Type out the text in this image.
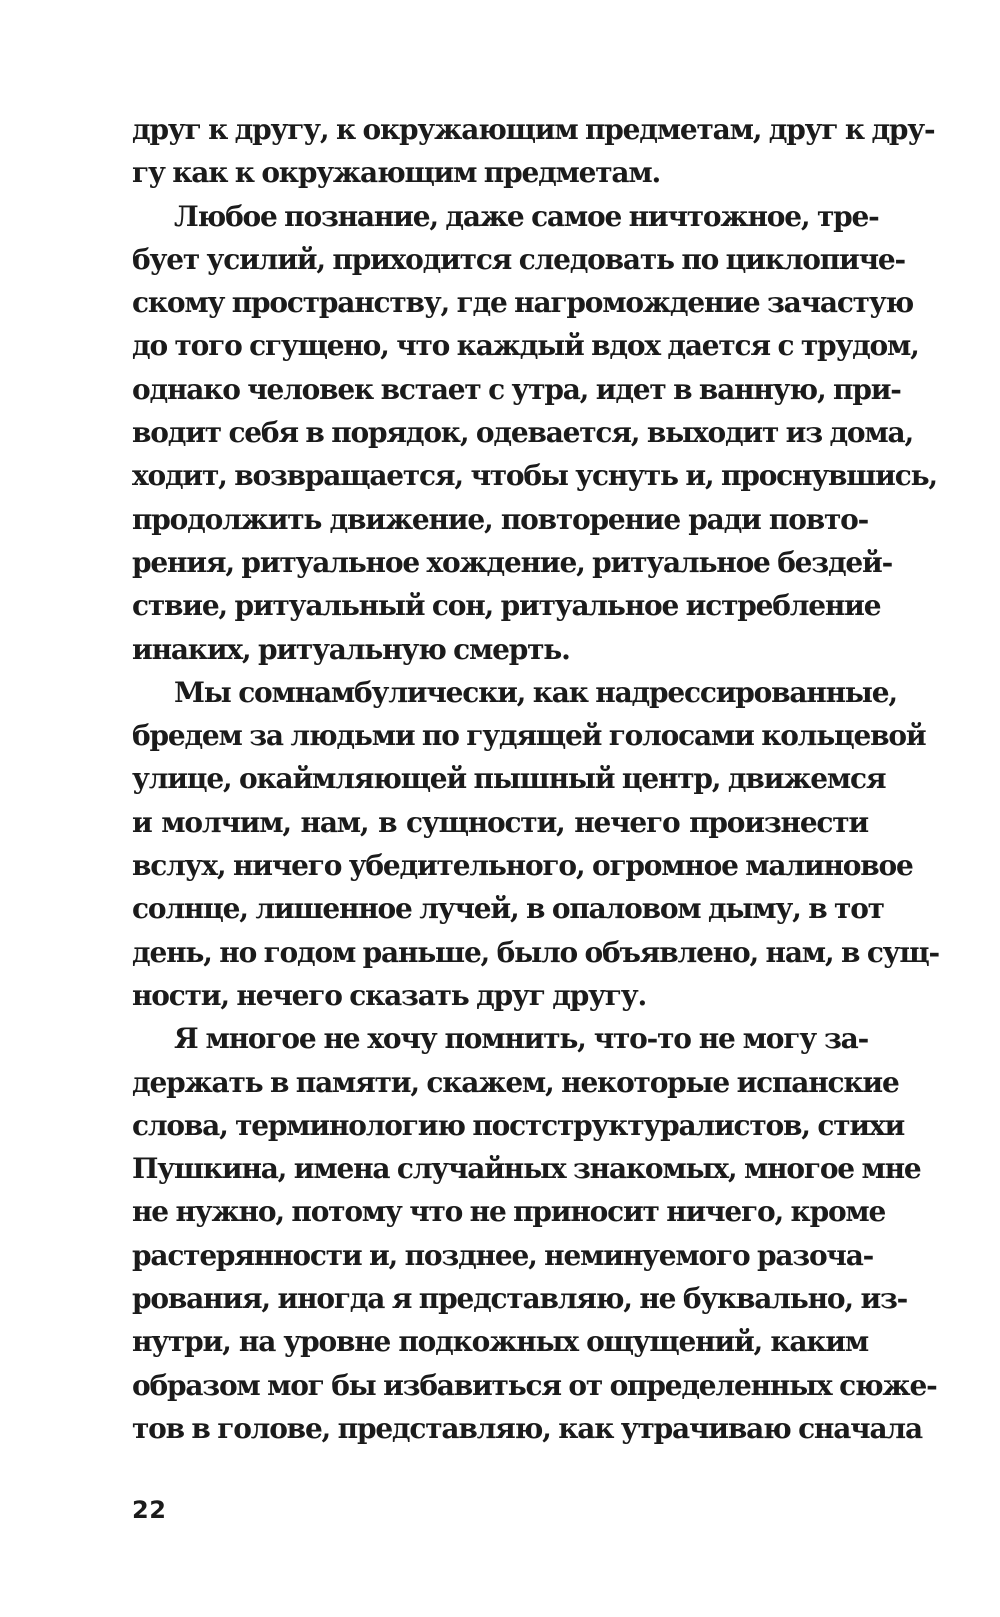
друг к другу, к окружающим предметам, друг к дру-
гу как к окружающим предметам.
Любое познание, даже самое ничтожное, тре-
бует усилий, приходится следовать по циклопиче-
скому пространству, где нагромождение зачастую
до того сгущено, что каждый вдох дается с трудом,
однако человек встает с утра, идет в ванную, при-
водит себя в порядок, одевается, выходит из дома,
ходит, возвращается, чтобы уснуть и, проснувшись,
продолжить движение, повторение ради повто-
рения, ритуальное хождение, ритуальное бездей-
ствие, ритуальный сон, ритуальное истребление
инаких, ритуальную смерть.
Мы сомнамбулически, как надрессированные,
бредем за людьми по гудящей голосами кольцевой
улице, окаймляющей пышный центр, движемся
и молчим, нам, в сущности, нечего произнести
вслух, ничего убедительного, огромное малиновое
солнце, лишенное лучей, в опаловом дыму, в тот
день, но годом раньше, было объявлено, нам, в сущ-
ности, нечего сказать друг другу.
Я многое не хочу помнить, что-то не могу за-
держать в памяти, скажем, некоторые испанские
слова, терминологию постструктуралистов, стихи
Пушкина, имена случайных знакомых, многое мне
не нужно, потому что не приносит ничего, кроме
растерянности и, позднее, неминуемого разоча-
рования, иногда я представляю, не буквально, из-
нутри, на уровне подкожных ощущений, каким
образом мог бы избавиться от определенных сюже-
тов в голове, представляю, как утрачиваю сначала
22
